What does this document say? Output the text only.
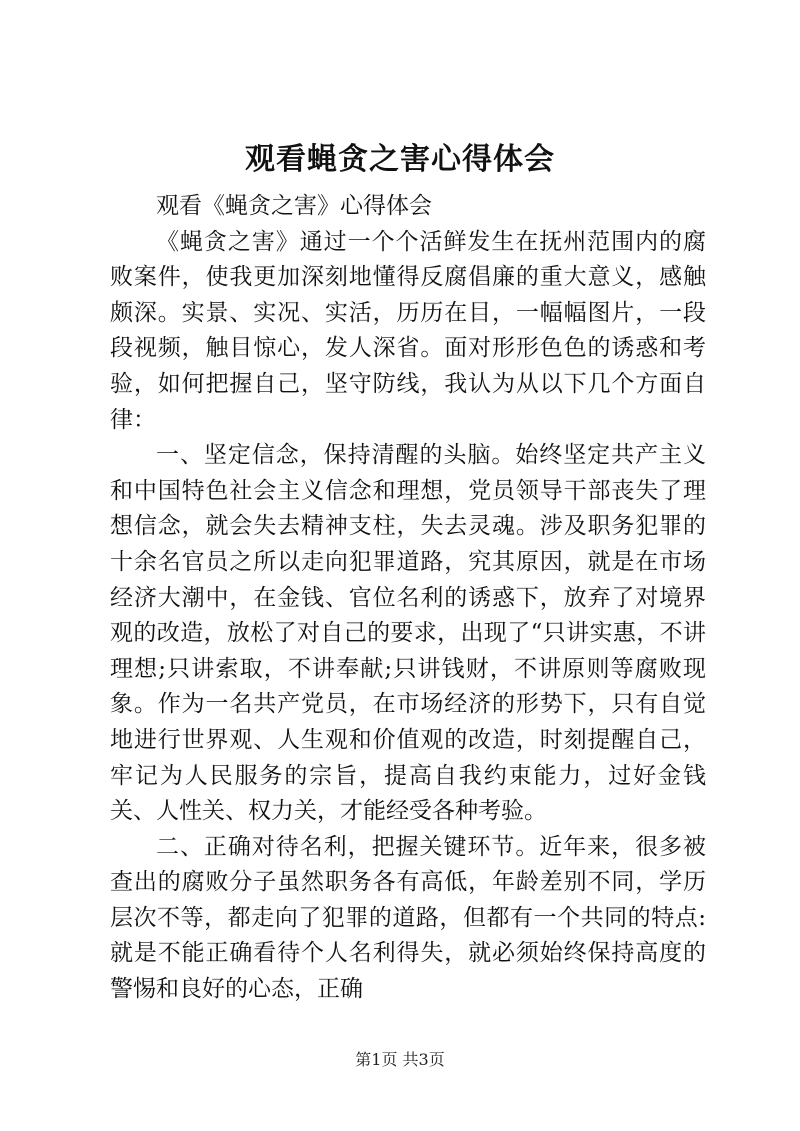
观看蝇贪之害心得体会

观看《蝇贪之害》心得体会

《蝇贪之害》通过一个个活鲜发生在抚州范围内的腐败案件，使我更加深刻地懂得反腐倡廉的重大意义，感触颇深。实景、实况、实活，历历在目，一幅幅图片，一段段视频，触目惊心，发人深省。面对形形色色的诱惑和考验，如何把握自己，坚守防线，我认为从以下几个方面自律：

一、坚定信念，保持清醒的头脑。始终坚定共产主义和中国特色社会主义信念和理想，党员领导干部丧失了理想信念，就会失去精神支柱，失去灵魂。涉及职务犯罪的十余名官员之所以走向犯罪道路，究其原因，就是在市场经济大潮中，在金钱、官位名利的诱惑下，放弃了对境界观的改造，放松了对自己的要求，出现了“只讲实惠，不讲理想;只讲索取，不讲奉献;只讲钱财，不讲原则等腐败现象。作为一名共产党员，在市场经济的形势下，只有自觉地进行世界观、人生观和价值观的改造，时刻提醒自己，牢记为人民服务的宗旨，提高自我约束能力，过好金钱关、人性关、权力关，才能经受各种考验。

二、正确对待名利，把握关键环节。近年来，很多被查出的腐败分子虽然职务各有高低，年龄差别不同，学历层次不等，都走向了犯罪的道路，但都有一个共同的特点:就是不能正确看待个人名利得失，就必须始终保持高度的警惕和良好的心态，正确

第1页 共3页
